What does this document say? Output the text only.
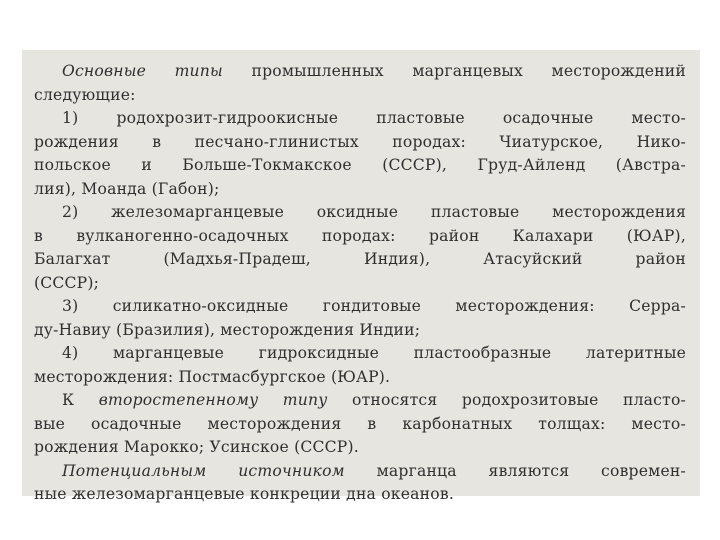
Основные типы промышленных марганцевых месторождений
следующие:
1) родохрозит-гидроокисные пластовые осадочные место-
рождения в песчано-глинистых породах: Чиатурское, Нико-
польское и Больше-Токмакское (СССР), Груд-Айленд (Австра-
лия), Моанда (Габон);
2) железомарганцевые оксидные пластовые месторождения
в вулканогенно-осадочных породах: район Калахари (ЮАР),
Балагхат (Мадхья-Прадеш, Индия), Атасуйский район
(СССР);
3) силикатно-оксидные гондитовые месторождения: Серра-
ду-Навиу (Бразилия), месторождения Индии;
4) марганцевые гидроксидные пластообразные латеритные
месторождения: Постмасбургское (ЮАР).
К второстепенному типу относятся родохрозитовые пласто-
вые осадочные месторождения в карбонатных толщах: место-
рождения Марокко; Усинское (СССР).
Потенциальным источником марганца являются современ-
ные железомарганцевые конкреции дна океанов.
